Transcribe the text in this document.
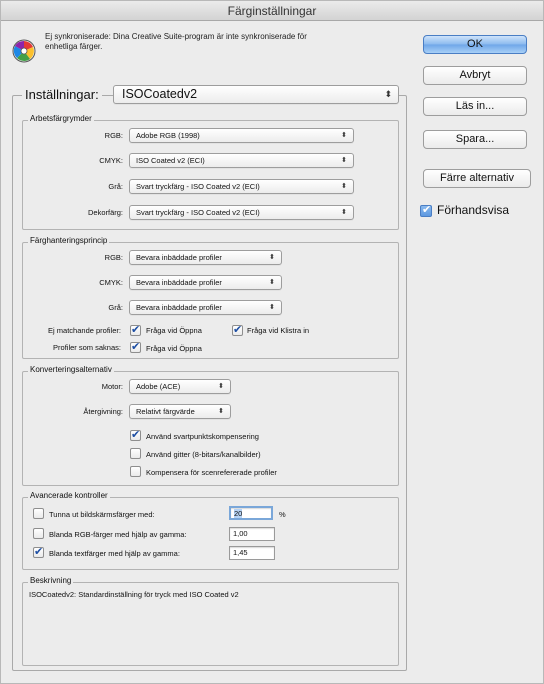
Färginställningar
Ej synkroniserade: Dina Creative Suite-program är inte synkroniserade för enhetliga färger.
Inställningar:	ISOCoatedv2	⬍
Arbetsfärgrymder
RGB:	Adobe RGB (1998)	⬍
CMYK:	ISO Coated v2 (ECI)	⬍
Grå:	Svart tryckfärg - ISO Coated v2 (ECI)	⬍
Dekorfärg:	Svart tryckfärg - ISO Coated v2 (ECI)	⬍
Färghanteringsprincip
RGB:	Bevara inbäddade profiler	⬍
CMYK:	Bevara inbäddade profiler	⬍
Grå:	Bevara inbäddade profiler	⬍
Ej matchande profiler: ✔	Fråga vid Öppna ✔	Fråga vid Klistra in
Profiler som saknas: ✔	Fråga vid Öppna
Konverteringsalternativ
Motor:	Adobe (ACE)	⬍
Återgivning:	Relativt färgvärde	⬍
✔
Använd svartpunktskompensering
Använd gitter (8-bitars/kanalbilder)
Kompensera för scenrefererade profiler
Avancerade kontroller
Tunna ut bildskärmsfärger med:	20	%
Blanda RGB-färger med hjälp av gamma:	1,00
✔
Blanda textfärger med hjälp av gamma:	1,45
Beskrivning
ISOCoatedv2: Standardinställning för tryck med ISO Coated v2
OK
Avbryt
Läs in...
Spara...
Färre alternativ
✔
Förhandsvisa
